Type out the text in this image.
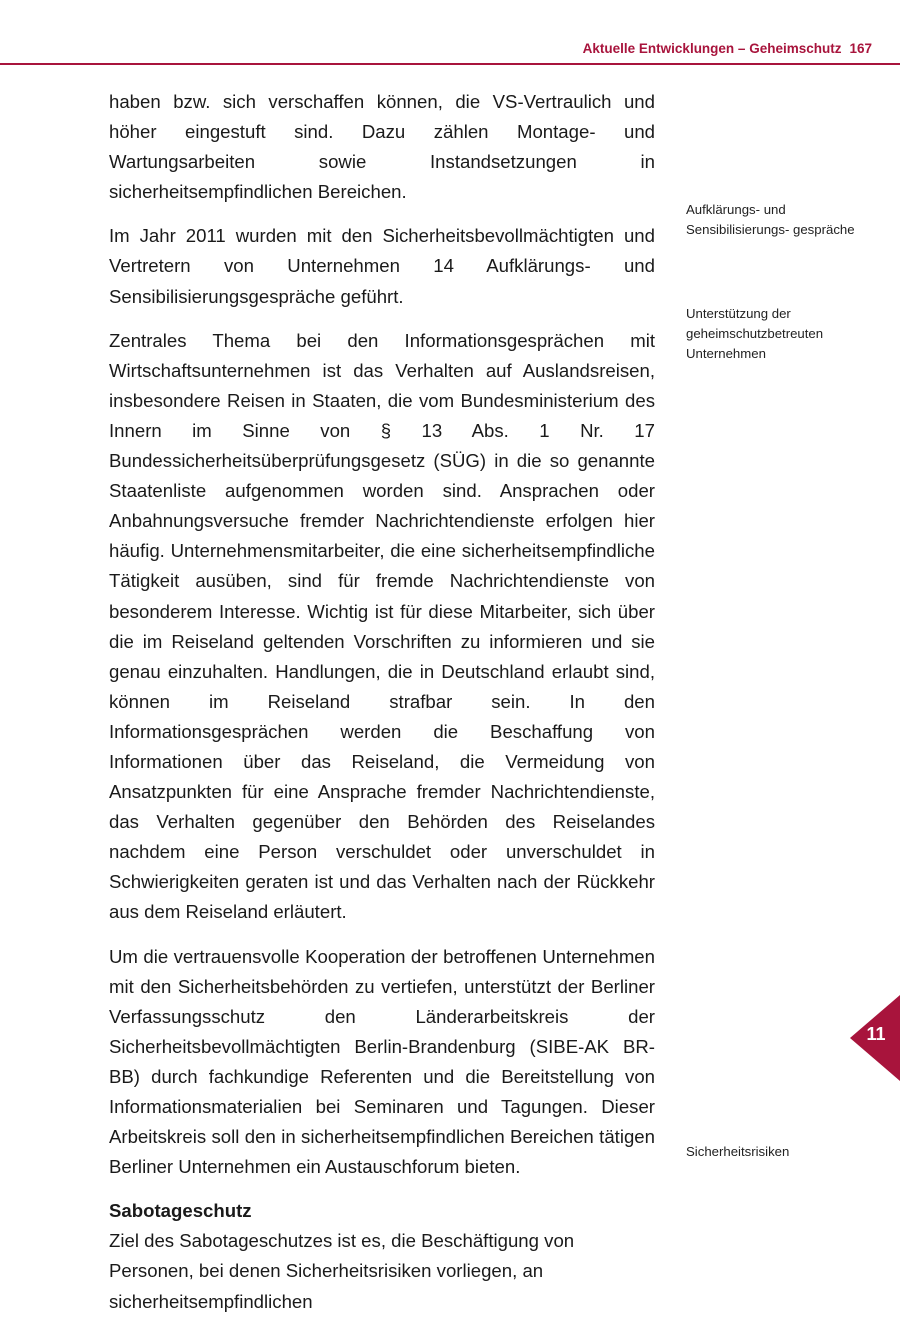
Aktuelle Entwicklungen – Geheimschutz 167

haben bzw. sich verschaffen können, die VS-Vertraulich und höher eingestuft sind. Dazu zählen Montage- und Wartungsarbeiten sowie Instandsetzungen in sicherheitsempfindlichen Bereichen.

Im Jahr 2011 wurden mit den Sicherheitsbevollmächtigten und Vertretern von Unternehmen 14 Aufklärungs- und Sensibilisierungsgespräche geführt.

Zentrales Thema bei den Informationsgesprächen mit Wirtschaftsunternehmen ist das Verhalten auf Auslandsreisen, insbesondere Reisen in Staaten, die vom Bundesministerium des Innern im Sinne von § 13 Abs. 1 Nr. 17 Bundessicherheitsüberprüfungsgesetz (SÜG) in die so genannte Staatenliste aufgenommen worden sind. Ansprachen oder Anbahnungsversuche fremder Nachrichtendienste erfolgen hier häufig. Unternehmensmitarbeiter, die eine sicherheitsempfindliche Tätigkeit ausüben, sind für fremde Nachrichtendienste von besonderem Interesse. Wichtig ist für diese Mitarbeiter, sich über die im Reiseland geltenden Vorschriften zu informieren und sie genau einzuhalten. Handlungen, die in Deutschland erlaubt sind, können im Reiseland strafbar sein. In den Informationsgesprächen werden die Beschaffung von Informationen über das Reiseland, die Vermeidung von Ansatzpunkten für eine Ansprache fremder Nachrichtendienste, das Verhalten gegenüber den Behörden des Reiselandes nachdem eine Person verschuldet oder unverschuldet in Schwierigkeiten geraten ist und das Verhalten nach der Rückkehr aus dem Reiseland erläutert.

Um die vertrauensvolle Kooperation der betroffenen Unternehmen mit den Sicherheitsbehörden zu vertiefen, unterstützt der Berliner Verfassungsschutz den Länderarbeitskreis der Sicherheitsbevollmächtigten Berlin-Brandenburg (SIBE-AK BR-BB) durch fachkundige Referenten und die Bereitstellung von Informationsmaterialien bei Seminaren und Tagungen. Dieser Arbeitskreis soll den in sicherheitsempfindlichen Bereichen tätigen Berliner Unternehmen ein Austauschforum bieten.

Sabotageschutz

Ziel des Sabotageschutzes ist es, die Beschäftigung von Personen, bei denen Sicherheitsrisiken vorliegen, an sicherheitsempfindlichen

Aufklärungs- und Sensibilisierungs- gespräche
Unterstützung der geheimschutzbetreuten Unternehmen
Sicherheitsrisiken
11
